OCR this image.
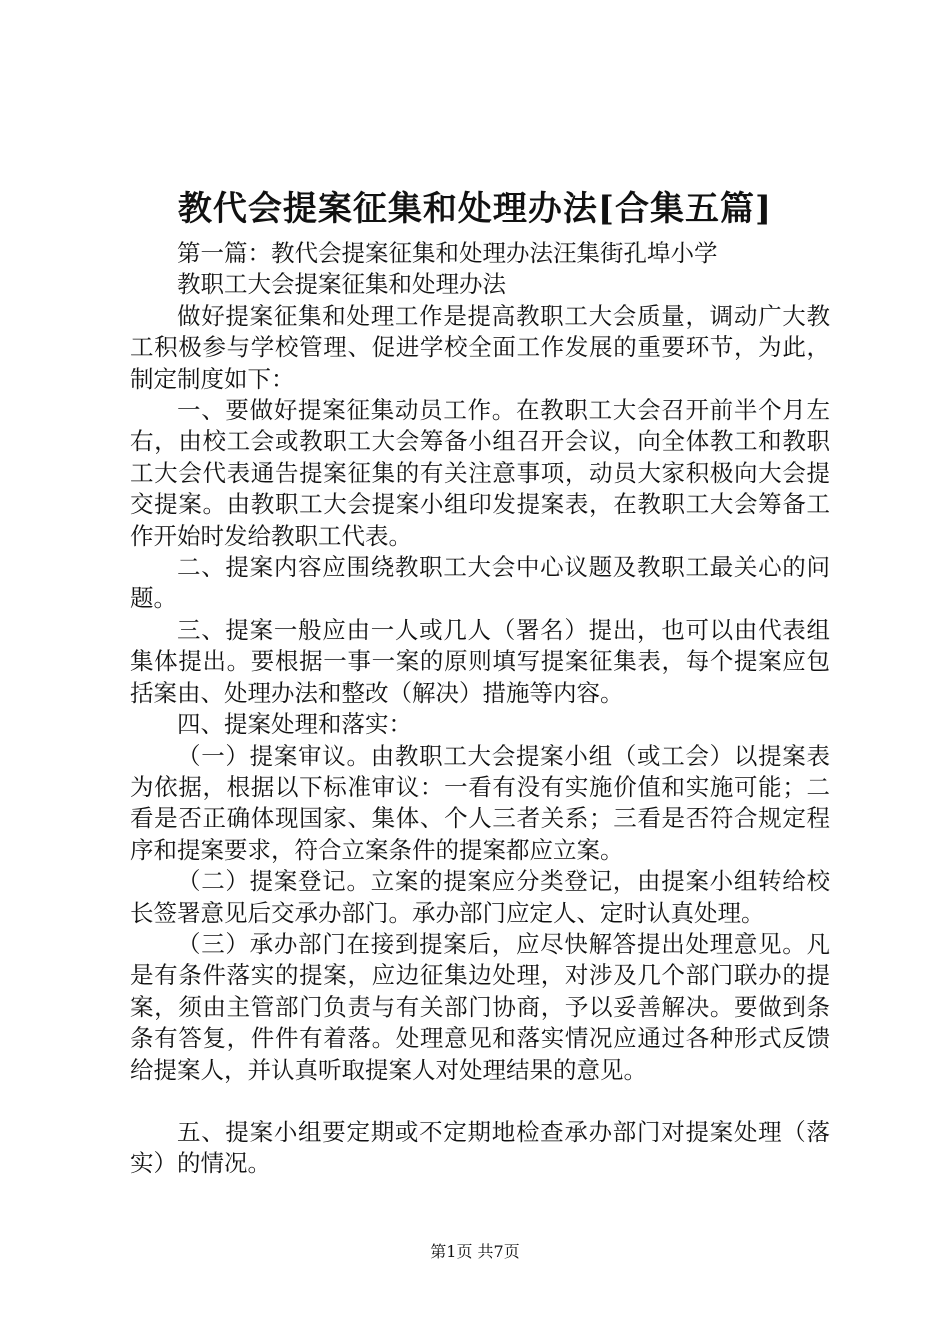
教代会提案征集和处理办法[合集五篇]

第一篇：教代会提案征集和处理办法汪集街孔埠小学

教职工大会提案征集和处理办法

做好提案征集和处理工作是提高教职工大会质量，调动广大教工积极参与学校管理、促进学校全面工作发展的重要环节，为此，制定制度如下：

一、要做好提案征集动员工作。在教职工大会召开前半个月左右，由校工会或教职工大会筹备小组召开会议，向全体教工和教职工大会代表通告提案征集的有关注意事项，动员大家积极向大会提交提案。由教职工大会提案小组印发提案表，在教职工大会筹备工作开始时发给教职工代表。

二、提案内容应围绕教职工大会中心议题及教职工最关心的问题。

三、提案一般应由一人或几人（署名）提出，也可以由代表组集体提出。要根据一事一案的原则填写提案征集表，每个提案应包括案由、处理办法和整改（解决）措施等内容。

四、提案处理和落实：

（一）提案审议。由教职工大会提案小组（或工会）以提案表为依据，根据以下标准审议：一看有没有实施价值和实施可能；二看是否正确体现国家、集体、个人三者关系；三看是否符合规定程序和提案要求，符合立案条件的提案都应立案。

（二）提案登记。立案的提案应分类登记，由提案小组转给校长签署意见后交承办部门。承办部门应定人、定时认真处理。

（三）承办部门在接到提案后，应尽快解答提出处理意见。凡是有条件落实的提案，应边征集边处理，对涉及几个部门联办的提案，须由主管部门负责与有关部门协商，予以妥善解决。要做到条条有答复，件件有着落。处理意见和落实情况应通过各种形式反馈给提案人，并认真听取提案人对处理结果的意见。

五、提案小组要定期或不定期地检查承办部门对提案处理（落实）的情况。

第1页 共7页
